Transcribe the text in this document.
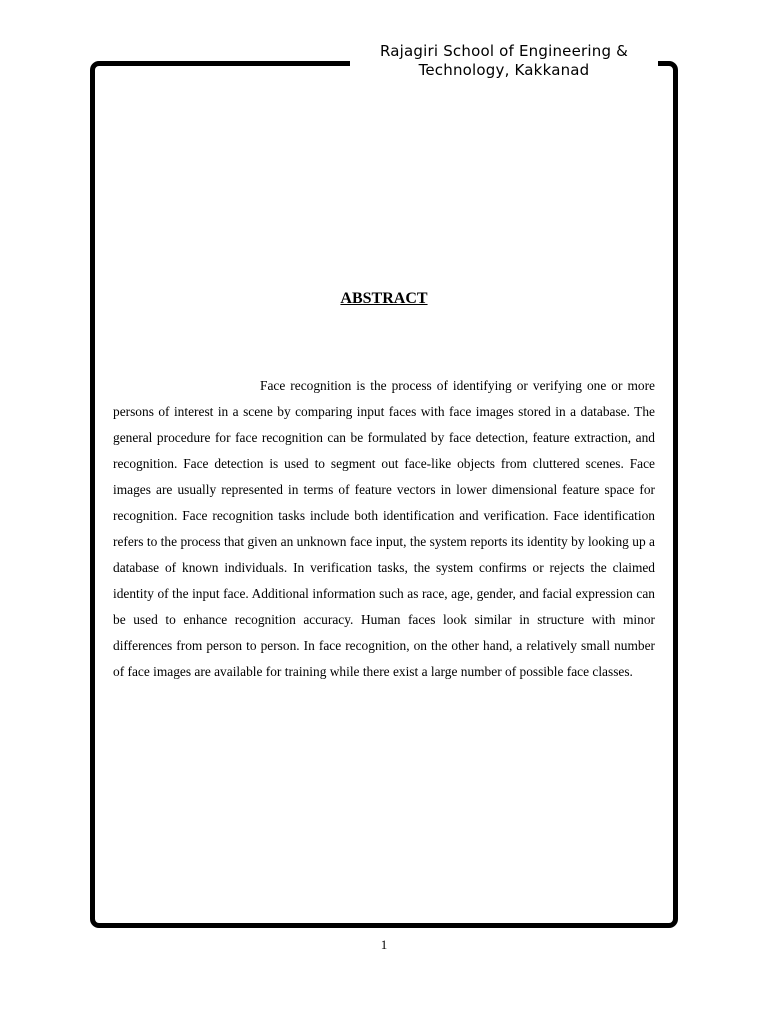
Rajagiri School of Engineering &
Technology, Kakkanad
ABSTRACT

Face recognition is the process of identifying or verifying one or more persons of interest in a scene by comparing input faces with face images stored in a database. The general procedure for face recognition can be formulated by face detection, feature extraction, and recognition. Face detection is used to segment out face-like objects from cluttered scenes. Face images are usually represented in terms of feature vectors in lower dimensional feature space for recognition. Face recognition tasks include both identification and verification. Face identification refers to the process that given an unknown face input, the system reports its identity by looking up a database of known individuals. In verification tasks, the system confirms or rejects the claimed identity of the input face. Additional information such as race, age, gender, and facial expression can be used to enhance recognition accuracy. Human faces look similar in structure with minor differences from person to person. In face recognition, on the other hand, a relatively small number of face images are available for training while there exist a large number of possible face classes.

1
